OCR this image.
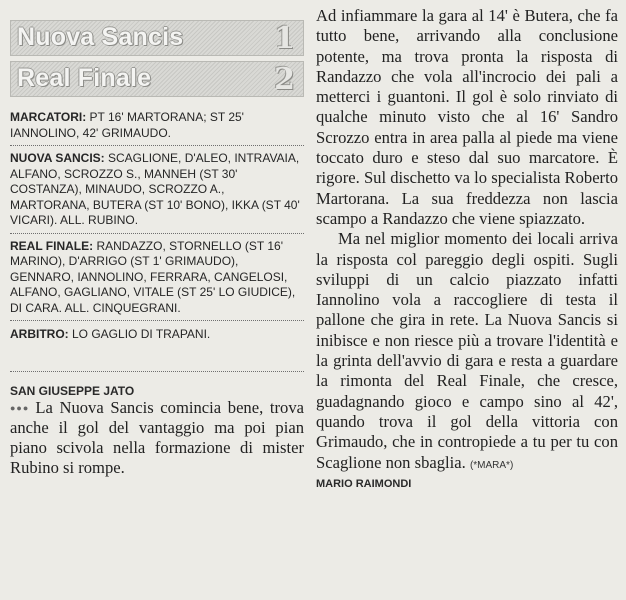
Nuova Sancis	1
Real Finale	2
MARCATORI: PT 16' MARTORANA; ST 25' IANNOLINO, 42' GRIMAUDO.
NUOVA SANCIS: SCAGLIONE, D'ALEO, INTRAVAIA, ALFANO, SCROZZO S., MANNEH (ST 30' COSTANZA), MINAUDO, SCROZZO A., MARTORANA, BUTERA (ST 10' BONO), IKKA (ST 40' VICARI). ALL. RUBINO.
REAL FINALE: RANDAZZO, STORNELLO (ST 16' MARINO), D'ARRIGO (ST 1' GRIMAUDO), GENNARO, IANNOLINO, FERRARA, CANGELOSI, ALFANO, GAGLIANO, VITALE (ST 25' LO GIUDICE), DI CARA. ALL. CINQUEGRANI.
ARBITRO: LO GAGLIO DI TRAPANI.
SAN GIUSEPPE JATO

●●● La Nuova Sancis comincia bene, trova anche il gol del vantaggio ma poi pian piano scivola nella formazione di mister Rubino si rompe.

Ad infiammare la gara al 14' è Butera, che fa tutto bene, arrivando alla conclusione potente, ma trova pronta la risposta di Randazzo che vola all'incrocio dei pali a metterci i guantoni. Il gol è solo rinviato di qualche minuto visto che al 16' Sandro Scrozzo entra in area palla al piede ma viene toccato duro e steso dal suo marcatore. È rigore. Sul dischetto va lo specialista Roberto Martorana. La sua freddezza non lascia scampo a Randazzo che viene spiazzato.

Ma nel miglior momento dei locali arriva la risposta col pareggio degli ospiti. Sugli sviluppi di un calcio piazzato infatti Iannolino vola a raccogliere di testa il pallone che gira in rete. La Nuova Sancis si inibisce e non riesce più a trovare l'identità e la grinta dell'avvio di gara e resta a guardare la rimonta del Real Finale, che cresce, guadagnando gioco e campo sino al 42', quando trova il gol della vittoria con Grimaudo, che in contropiede a tu per tu con Scaglione non sbaglia. (*MARA*)

MARIO RAIMONDI
